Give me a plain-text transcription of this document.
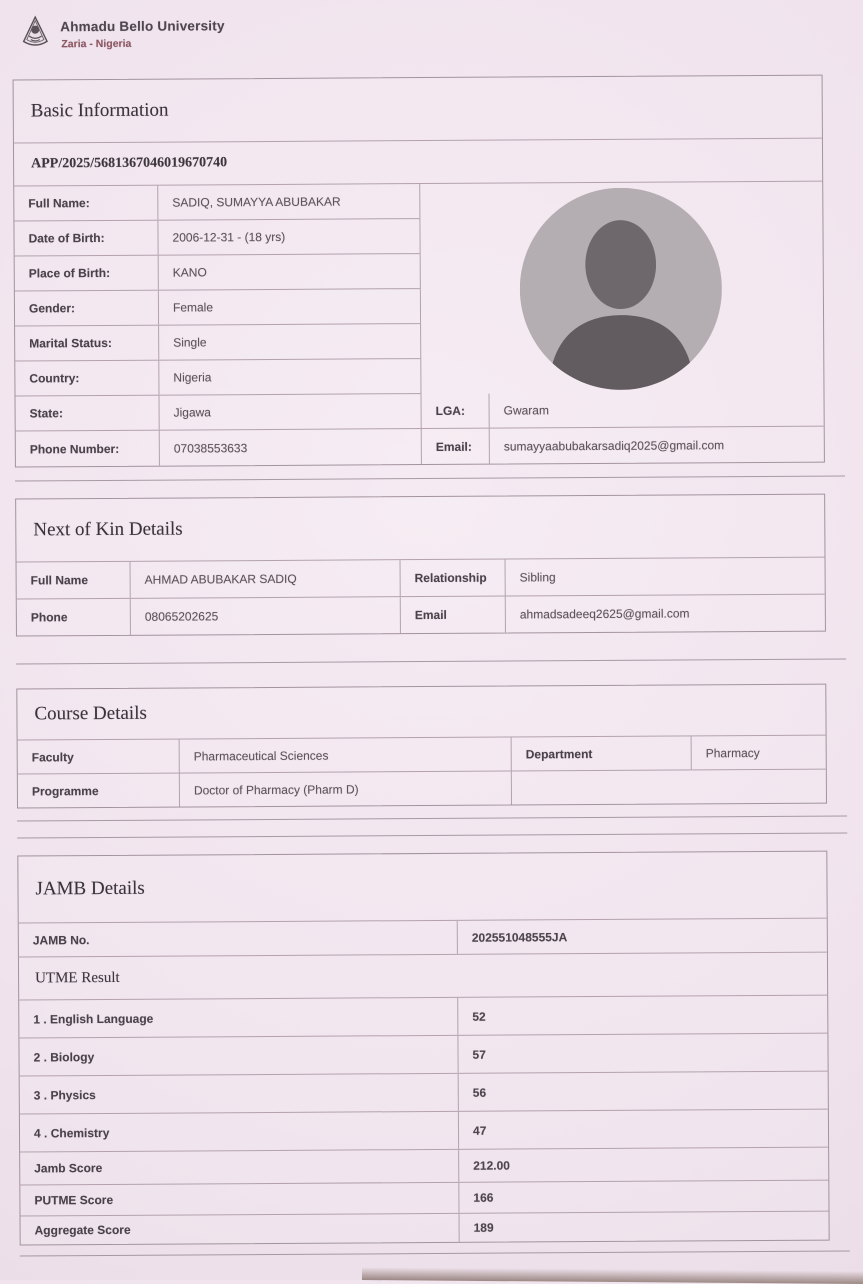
Ahmadu Bello University
Zaria - Nigeria
Basic Information
APP/2025/5681367046019670740
Full Name:	SADIQ, SUMAYYA ABUBAKAR
Date of Birth:	2006-12-31 - (18 yrs)
Place of Birth:	KANO
Gender:	Female
Marital Status:	Single
Country:	Nigeria
State:	Jigawa	LGA:	Gwaram
Phone Number:	07038553633	Email:	sumayyaabubakarsadiq2025@gmail.com
Next of Kin Details
Full Name	AHMAD ABUBAKAR SADIQ	Relationship	Sibling
Phone	08065202625	Email	ahmadsadeeq2625@gmail.com
Course Details
Faculty	Pharmaceutical Sciences	Department	Pharmacy
Programme	Doctor of Pharmacy (Pharm D)
JAMB Details
JAMB No.	202551048555JA
UTME Result
1 . English Language	52
2 . Biology	57
3 . Physics	56
4 . Chemistry	47
Jamb Score	212.00
PUTME Score	166
Aggregate Score	189
